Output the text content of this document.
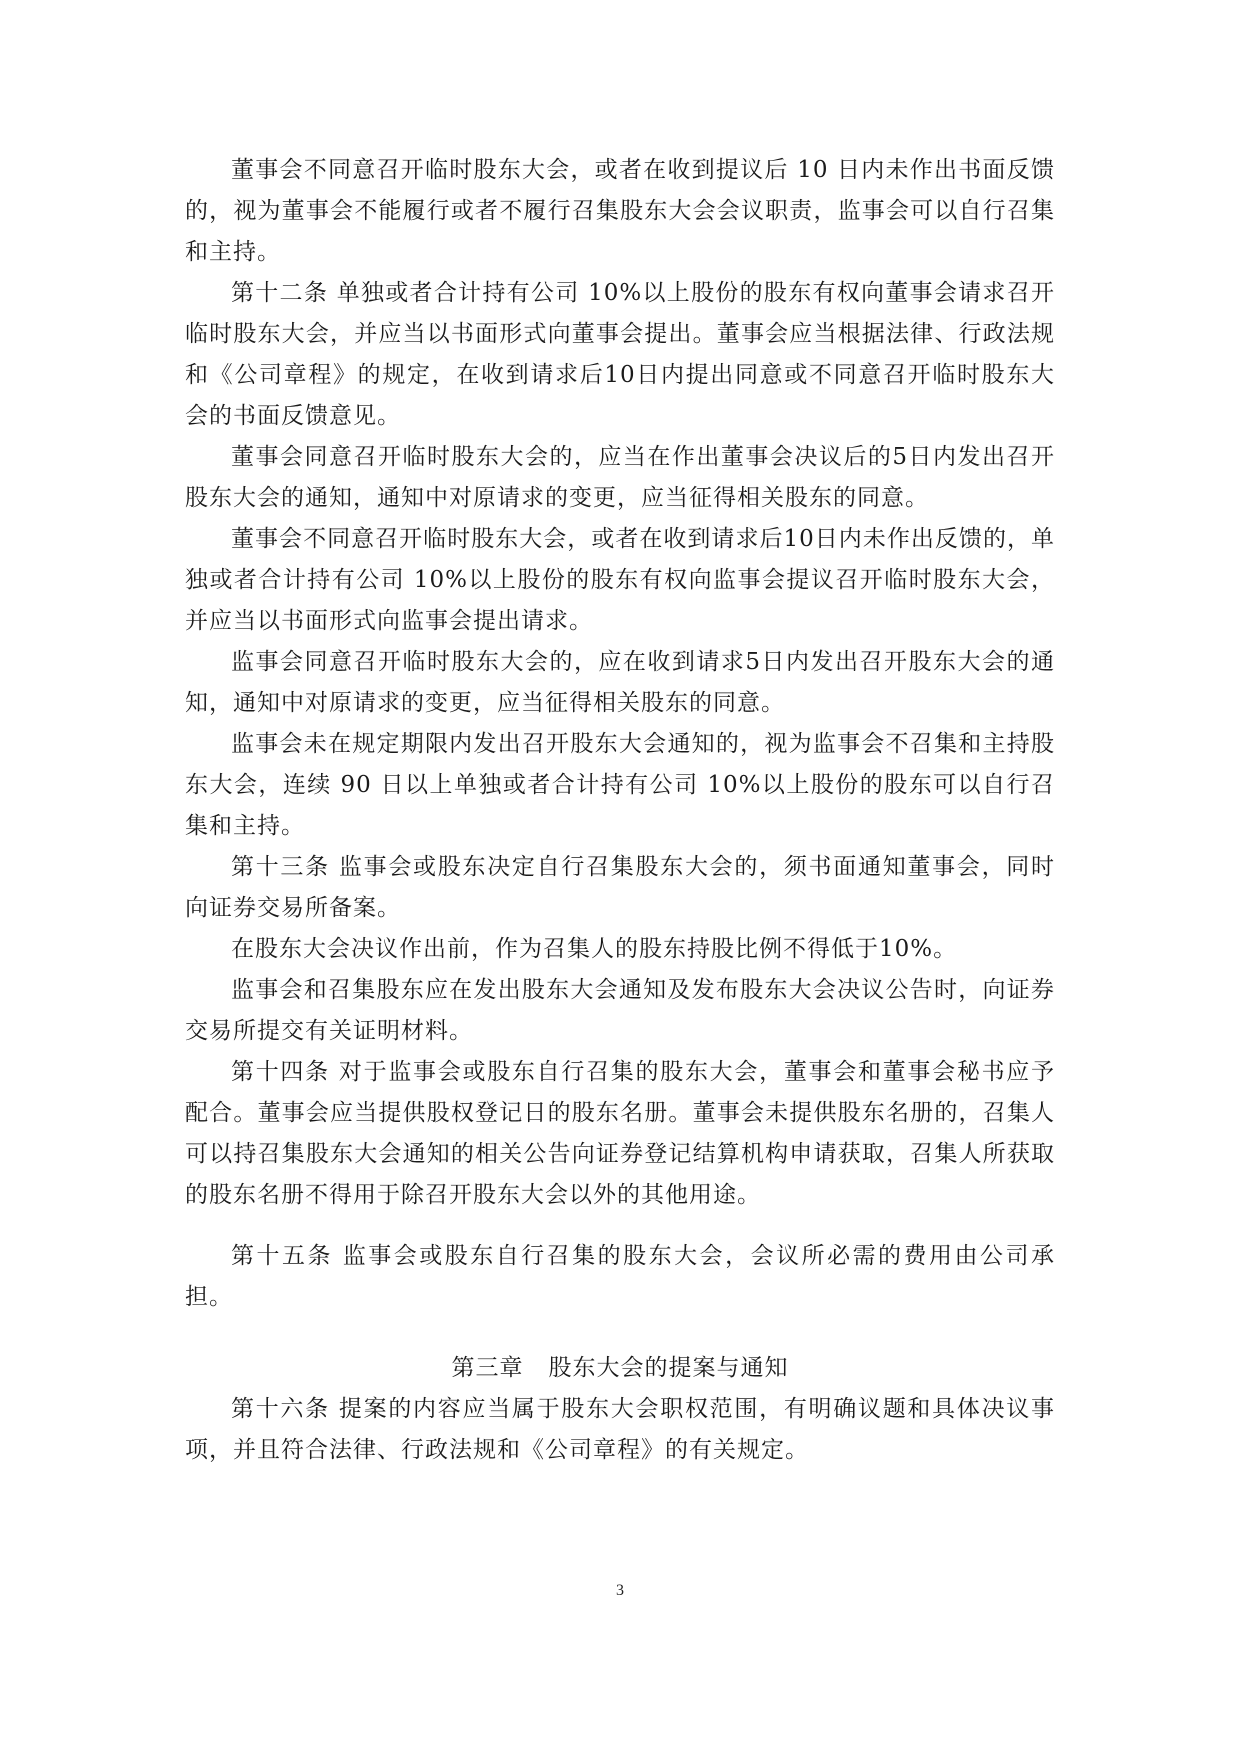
董事会不同意召开临时股东大会，或者在收到提议后 10 日内未作出书面反馈的，视为董事会不能履行或者不履行召集股东大会会议职责，监事会可以自行召集和主持。

第十二条 单独或者合计持有公司 10%以上股份的股东有权向董事会请求召开临时股东大会，并应当以书面形式向董事会提出。董事会应当根据法律、行政法规和《公司章程》的规定，在收到请求后10日内提出同意或不同意召开临时股东大会的书面反馈意见。

董事会同意召开临时股东大会的，应当在作出董事会决议后的5日内发出召开股东大会的通知，通知中对原请求的变更，应当征得相关股东的同意。

董事会不同意召开临时股东大会，或者在收到请求后10日内未作出反馈的，单独或者合计持有公司 10%以上股份的股东有权向监事会提议召开临时股东大会，并应当以书面形式向监事会提出请求。

监事会同意召开临时股东大会的，应在收到请求5日内发出召开股东大会的通知，通知中对原请求的变更，应当征得相关股东的同意。

监事会未在规定期限内发出召开股东大会通知的，视为监事会不召集和主持股东大会，连续 90 日以上单独或者合计持有公司 10%以上股份的股东可以自行召集和主持。

第十三条 监事会或股东决定自行召集股东大会的，须书面通知董事会，同时向证券交易所备案。

在股东大会决议作出前，作为召集人的股东持股比例不得低于10%。

监事会和召集股东应在发出股东大会通知及发布股东大会决议公告时，向证券交易所提交有关证明材料。

第十四条 对于监事会或股东自行召集的股东大会，董事会和董事会秘书应予配合。董事会应当提供股权登记日的股东名册。董事会未提供股东名册的，召集人可以持召集股东大会通知的相关公告向证券登记结算机构申请获取，召集人所获取的股东名册不得用于除召开股东大会以外的其他用途。

第十五条 监事会或股东自行召集的股东大会，会议所必需的费用由公司承担。

第三章   股东大会的提案与通知

第十六条 提案的内容应当属于股东大会职权范围，有明确议题和具体决议事项，并且符合法律、行政法规和《公司章程》的有关规定。

3
